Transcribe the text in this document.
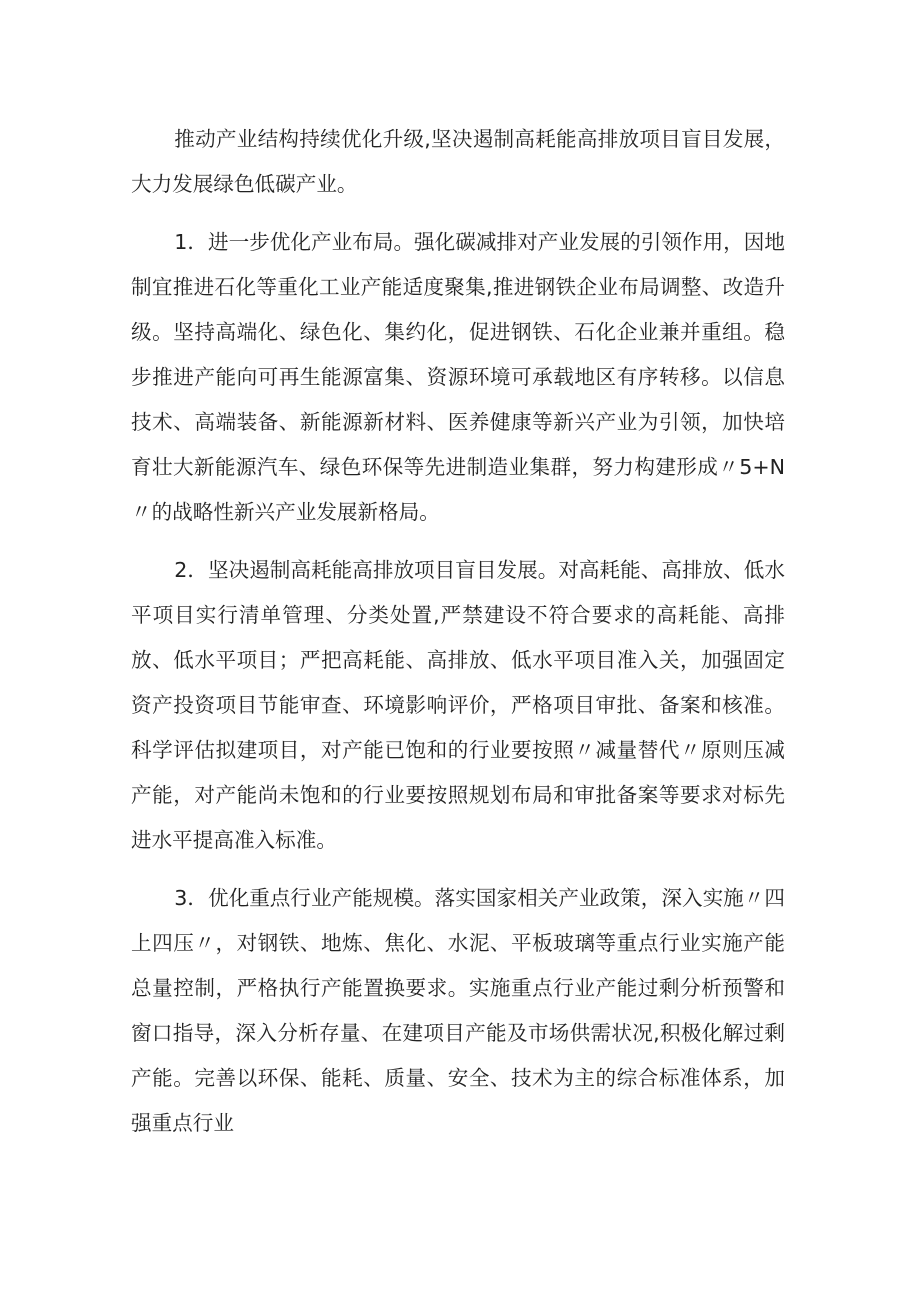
推动产业结构持续优化升级,坚决遏制高耗能高排放项目盲目发展，大力发展绿色低碳产业。

1．进一步优化产业布局。强化碳减排对产业发展的引领作用，因地制宜推进石化等重化工业产能适度聚集,推进钢铁企业布局调整、改造升级。坚持高端化、绿色化、集约化，促进钢铁、石化企业兼并重组。稳步推进产能向可再生能源富集、资源环境可承载地区有序转移。以信息技术、高端装备、新能源新材料、医养健康等新兴产业为引领，加快培育壮大新能源汽车、绿色环保等先进制造业集群，努力构建形成〃5+N〃的战略性新兴产业发展新格局。

2．坚决遏制高耗能高排放项目盲目发展。对高耗能、高排放、低水平项目实行清单管理、分类处置,严禁建设不符合要求的高耗能、高排放、低水平项目；严把高耗能、高排放、低水平项目准入关，加强固定资产投资项目节能审查、环境影响评价，严格项目审批、备案和核准。科学评估拟建项目，对产能已饱和的行业要按照〃减量替代〃原则压减产能，对产能尚未饱和的行业要按照规划布局和审批备案等要求对标先进水平提高准入标准。

3．优化重点行业产能规模。落实国家相关产业政策，深入实施〃四上四压〃，对钢铁、地炼、焦化、水泥、平板玻璃等重点行业实施产能总量控制，严格执行产能置换要求。实施重点行业产能过剩分析预警和窗口指导，深入分析存量、在建项目产能及市场供需状况,积极化解过剩产能。完善以环保、能耗、质量、安全、技术为主的综合标准体系，加强重点行业
